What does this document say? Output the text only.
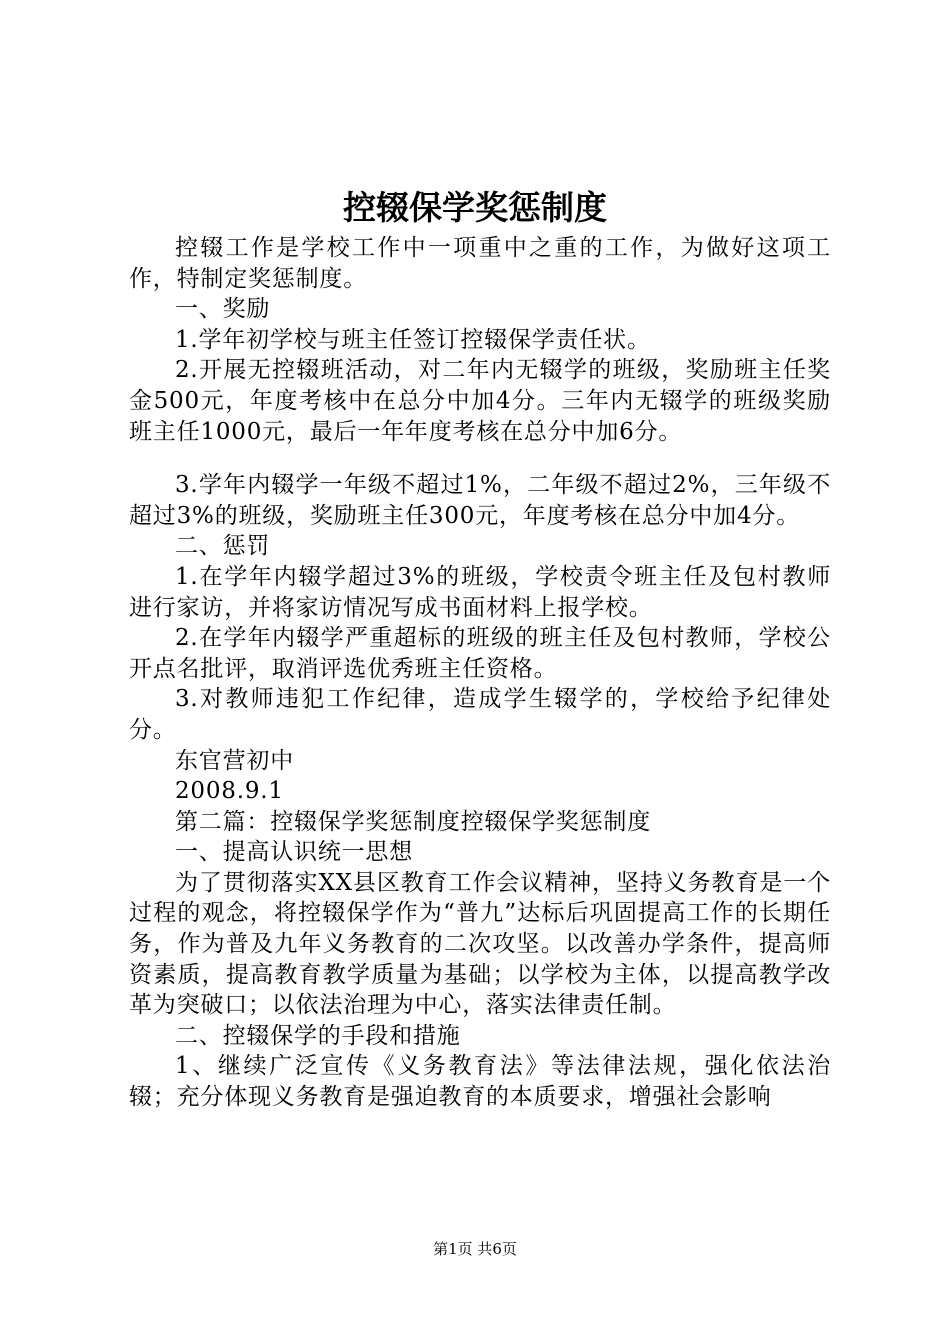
控辍保学奖惩制度

控辍工作是学校工作中一项重中之重的工作，为做好这项工作，特制定奖惩制度。

一、奖励

1.学年初学校与班主任签订控辍保学责任状。

2.开展无控辍班活动，对二年内无辍学的班级，奖励班主任奖金500元，年度考核中在总分中加4分。三年内无辍学的班级奖励班主任1000元，最后一年年度考核在总分中加6分。

3.学年内辍学一年级不超过1%，二年级不超过2%，三年级不超过3%的班级，奖励班主任300元，年度考核在总分中加4分。

二、惩罚

1.在学年内辍学超过3%的班级，学校责令班主任及包村教师进行家访，并将家访情况写成书面材料上报学校。

2.在学年内辍学严重超标的班级的班主任及包村教师，学校公开点名批评，取消评选优秀班主任资格。

3.对教师违犯工作纪律，造成学生辍学的，学校给予纪律处分。

东官营初中

2008.9.1

第二篇：控辍保学奖惩制度控辍保学奖惩制度

一、提高认识统一思想

为了贯彻落实XX县区教育工作会议精神，坚持义务教育是一个过程的观念，将控辍保学作为“普九”达标后巩固提高工作的长期任务，作为普及九年义务教育的二次攻坚。以改善办学条件，提高师资素质，提高教育教学质量为基础；以学校为主体，以提高教学改革为突破口；以依法治理为中心，落实法律责任制。

二、控辍保学的手段和措施

1、继续广泛宣传《义务教育法》等法律法规，强化依法治辍；充分体现义务教育是强迫教育的本质要求，增强社会影响

第1页 共6页
